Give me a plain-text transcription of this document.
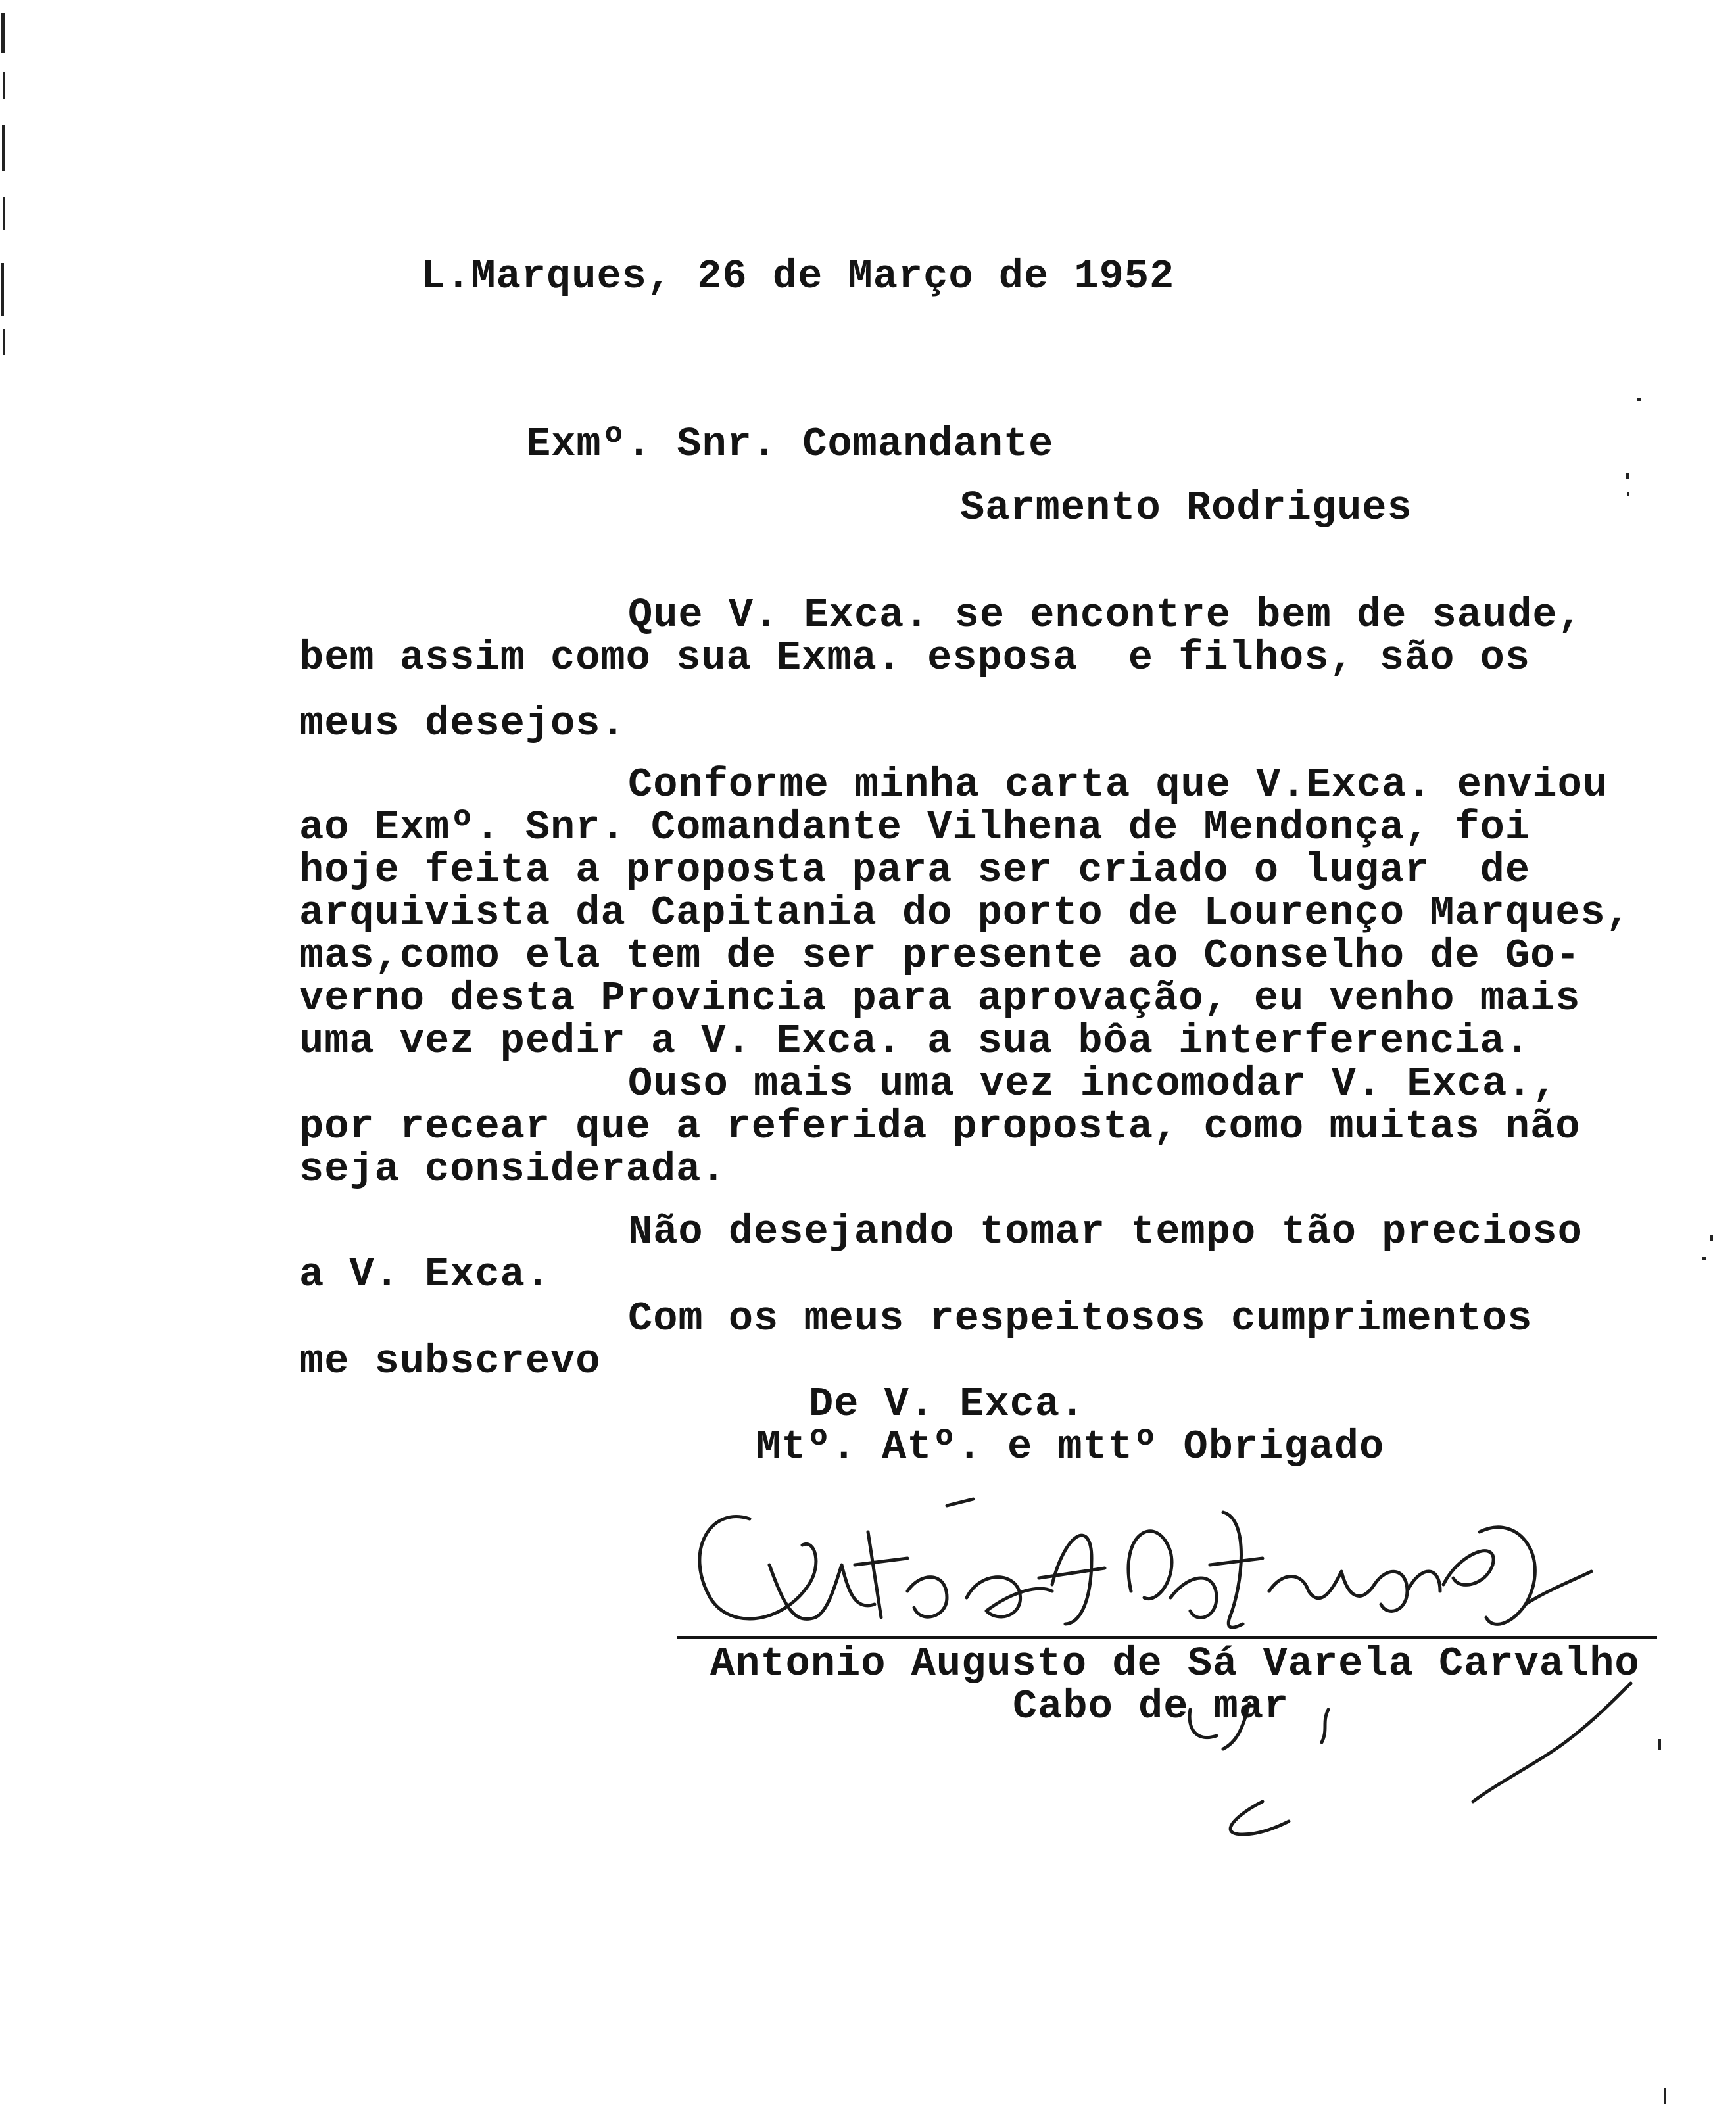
L.Marques, 26 de Março de 1952
Exmº. Snr. Comandante
Sarmento Rodrigues
Que V. Exca. se encontre bem de saude,
bem assim como sua Exma. esposa  e filhos, são os
meus desejos.
Conforme minha carta que V.Exca. enviou
ao Exmº. Snr. Comandante Vilhena de Mendonça, foi
hoje feita a proposta para ser criado o lugar  de
arquivista da Capitania do porto de Lourenço Marques,
mas,como ela tem de ser presente ao Conselho de Go-
verno desta Provincia para aprovação, eu venho mais
uma vez pedir a V. Exca. a sua bôa interferencia.
Ouso mais uma vez incomodar V. Exca.,
por recear que a referida proposta, como muitas não
seja considerada.
Não desejando tomar tempo tão precioso
a V. Exca.
Com os meus respeitosos cumprimentos
me subscrevo
De V. Exca.
Mtº. Atº. e mttº Obrigado
Antonio Augusto de Sá Varela Carvalho
Cabo de mar
